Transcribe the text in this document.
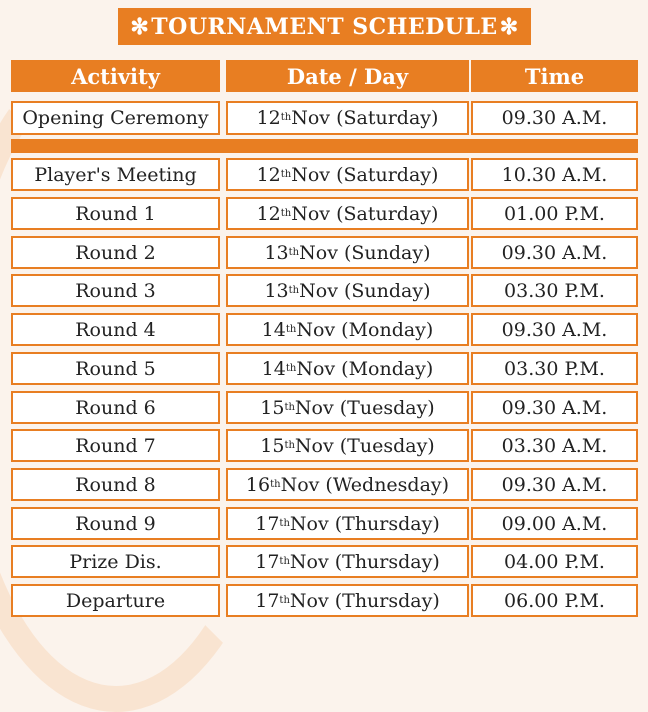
✻ TOURNAMENT SCHEDULE ✻
Activity	Date / Day	Time
Opening Ceremony	12 th Nov (Saturday)	09.30 A.M.
Player's Meeting	12 th Nov (Saturday)	10.30 A.M.
Round 1	12 th Nov (Saturday)	01.00 P.M.
Round 2	13 th Nov (Sunday)	09.30 A.M.
Round 3	13 th Nov (Sunday)	03.30 P.M.
Round 4	14 th Nov (Monday)	09.30 A.M.
Round 5	14 th Nov (Monday)	03.30 P.M.
Round 6	15 th Nov (Tuesday)	09.30 A.M.
Round 7	15 th Nov (Tuesday)	03.30 A.M.
Round 8	16 th Nov (Wednesday)	09.30 A.M.
Round 9	17 th Nov (Thursday)	09.00 A.M.
Prize Dis.	17 th Nov (Thursday)	04.00 P.M.
Departure	17 th Nov (Thursday)	06.00 P.M.
